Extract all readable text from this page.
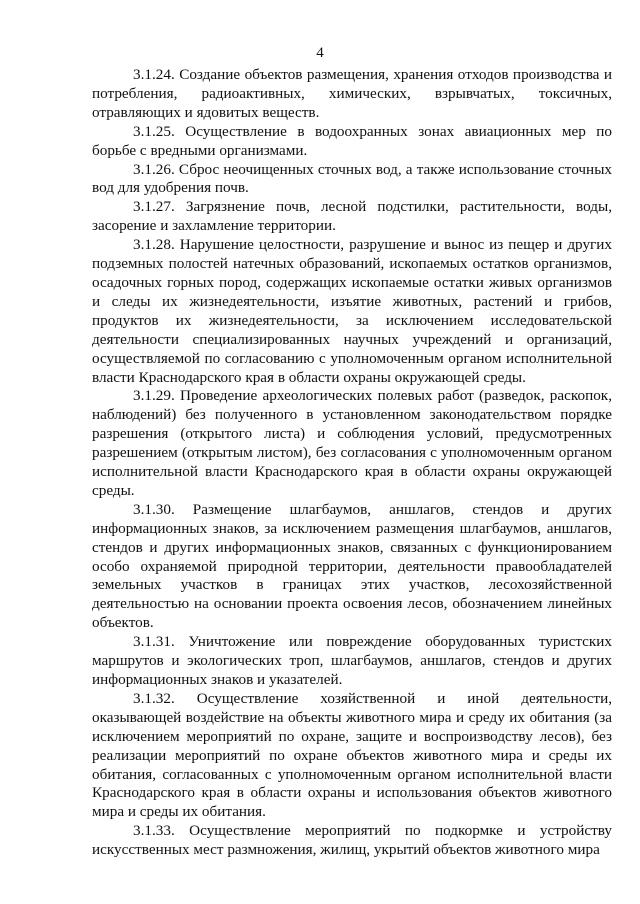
4

3.1.24. Создание объектов размещения, хранения отходов производства и потребления, радиоактивных, химических, взрывчатых, токсичных, отравляющих и ядовитых веществ.

3.1.25. Осуществление в водоохранных зонах авиационных мер по борьбе с вредными организмами.

3.1.26. Сброс неочищенных сточных вод, а также использование сточных вод для удобрения почв.

3.1.27. Загрязнение почв, лесной подстилки, растительности, воды, засорение и захламление территории.

3.1.28. Нарушение целостности, разрушение и вынос из пещер и других подземных полостей натечных образований, ископаемых остатков организмов, осадочных горных пород, содержащих ископаемые остатки живых организмов и следы их жизнедеятельности, изъятие животных, растений и грибов, продуктов их жизнедеятельности, за исключением исследовательской деятельности специализированных научных учреждений и организаций, осуществляемой по согласованию с уполномоченным органом исполнительной власти Краснодарского края в области охраны окружающей среды.

3.1.29. Проведение археологических полевых работ (разведок, раскопок, наблюдений) без полученного в установленном законодательством порядке разрешения (открытого листа) и соблюдения условий, предусмотренных разрешением (открытым листом), без согласования с уполномоченным органом исполнительной власти Краснодарского края в области охраны окружающей среды.

3.1.30. Размещение шлагбаумов, аншлагов, стендов и других информационных знаков, за исключением размещения шлагбаумов, аншлагов, стендов и других информационных знаков, связанных с функционированием особо охраняемой природной территории, деятельности правообладателей земельных участков в границах этих участков, лесохозяйственной деятельностью на основании проекта освоения лесов, обозначением линейных объектов.

3.1.31. Уничтожение или повреждение оборудованных туристских маршрутов и экологических троп, шлагбаумов, аншлагов, стендов и других информационных знаков и указателей.

3.1.32. Осуществление хозяйственной и иной деятельности, оказывающей воздействие на объекты животного мира и среду их обитания (за исключением мероприятий по охране, защите и воспроизводству лесов), без реализации мероприятий по охране объектов животного мира и среды их обитания, согласованных с уполномоченным органом исполнительной власти Краснодарского края в области охраны и использования объектов животного мира и среды их обитания.

3.1.33. Осуществление мероприятий по подкормке и устройству искусственных мест размножения, жилищ, укрытий объектов животного мира
